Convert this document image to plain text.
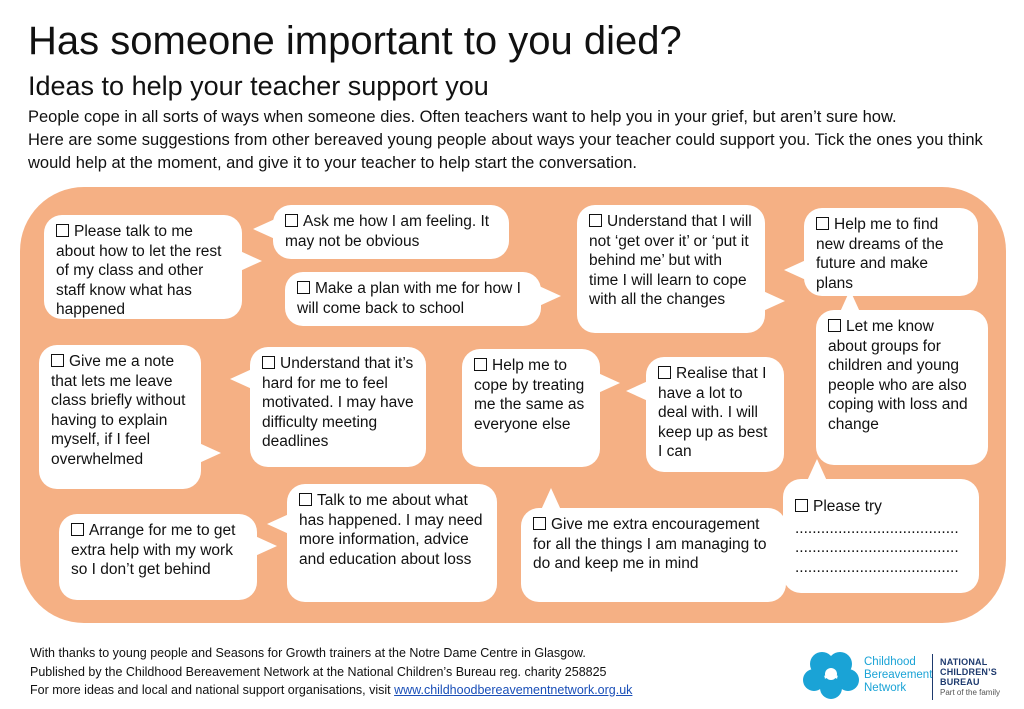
Has someone important to you died?
Ideas to help your teacher support you

People cope in all sorts of ways when someone dies. Often teachers want to help you in your grief, but aren’t sure how.

Here are some suggestions from other bereaved young people about ways your teacher could support you. Tick the ones you think would help at the moment, and give it to your teacher to help start the conversation.

Please talk to me about how to let the rest of my class and other staff know what has happened
Ask me how I am feeling. It may not be obvious
Make a plan with me for how I will come back to school
Understand that I will not ‘get over it’ or ‘put it behind me’ but with time I will learn to cope with all the changes
Help me to find new dreams of the future and make plans
Let me know about groups for children and young people who are also coping with loss and change
Give me a note that lets me leave class briefly without having to explain myself, if I feel overwhelmed
Understand that it’s hard for me to feel motivated. I may have difficulty meeting deadlines
Help me to cope by treating me the same as everyone else
Realise that I have a lot to deal with. I will keep up as best I can
Talk to me about what has happened. I may need more information, advice and education about loss
Arrange for me to get extra help with my work so I don’t get behind
Give me extra encouragement for all the things I am managing to do and keep me in mind
Please try
......................................
......................................
......................................
With thanks to young people and Seasons for Growth trainers at the Notre Dame Centre in Glasgow.
Published by the Childhood Bereavement Network at the National Children’s Bureau reg. charity 258825
For more ideas and local and national support organisations, visit www.childhoodbereavementnetwork.org.uk
Childhood
Bereavement
Network
NATIONAL
CHILDREN’S
BUREAU
Part of the family
